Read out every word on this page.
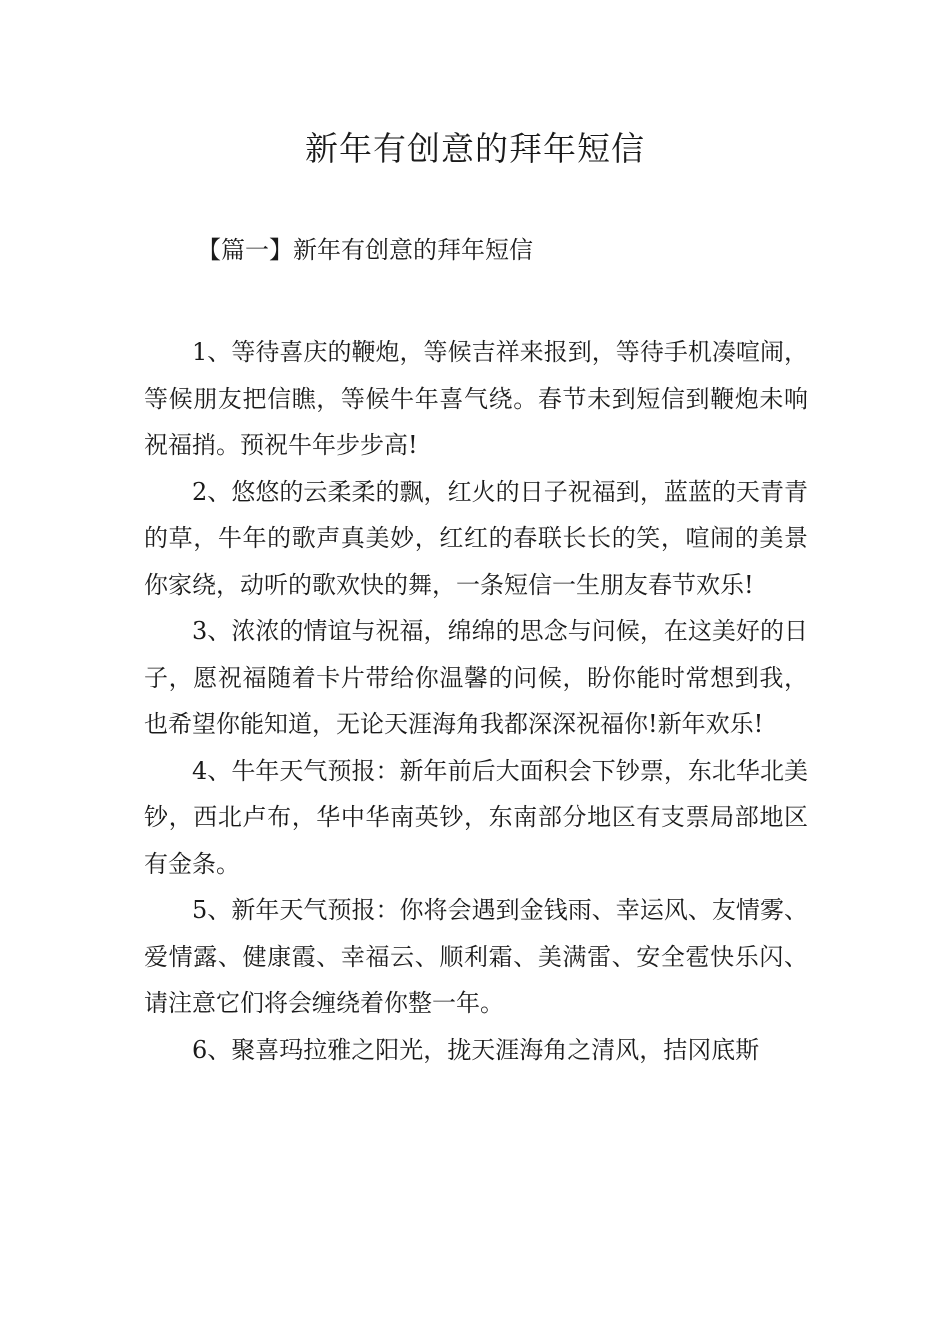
新年有创意的拜年短信
【篇一】新年有创意的拜年短信

1、等待喜庆的鞭炮，等候吉祥来报到，等待手机凑喧闹，等候朋友把信瞧，等候牛年喜气绕。春节未到短信到鞭炮未响祝福捎。预祝牛年步步高!

2、悠悠的云柔柔的飘，红火的日子祝福到，蓝蓝的天青青的草，牛年的歌声真美妙，红红的春联长长的笑，喧闹的美景你家绕，动听的歌欢快的舞，一条短信一生朋友春节欢乐!

3、浓浓的情谊与祝福，绵绵的思念与问候，在这美好的日子，愿祝福随着卡片带给你温馨的问候，盼你能时常想到我，也希望你能知道，无论天涯海角我都深深祝福你!新年欢乐!

4、牛年天气预报：新年前后大面积会下钞票，东北华北美钞，西北卢布，华中华南英钞，东南部分地区有支票局部地区有金条。

5、新年天气预报：你将会遇到金钱雨、幸运风、友情雾、爱情露、健康霞、幸福云、顺利霜、美满雷、安全雹快乐闪、请注意它们将会缠绕着你整一年。

6、聚喜玛拉雅之阳光，拢天涯海角之清风，拮冈底斯
